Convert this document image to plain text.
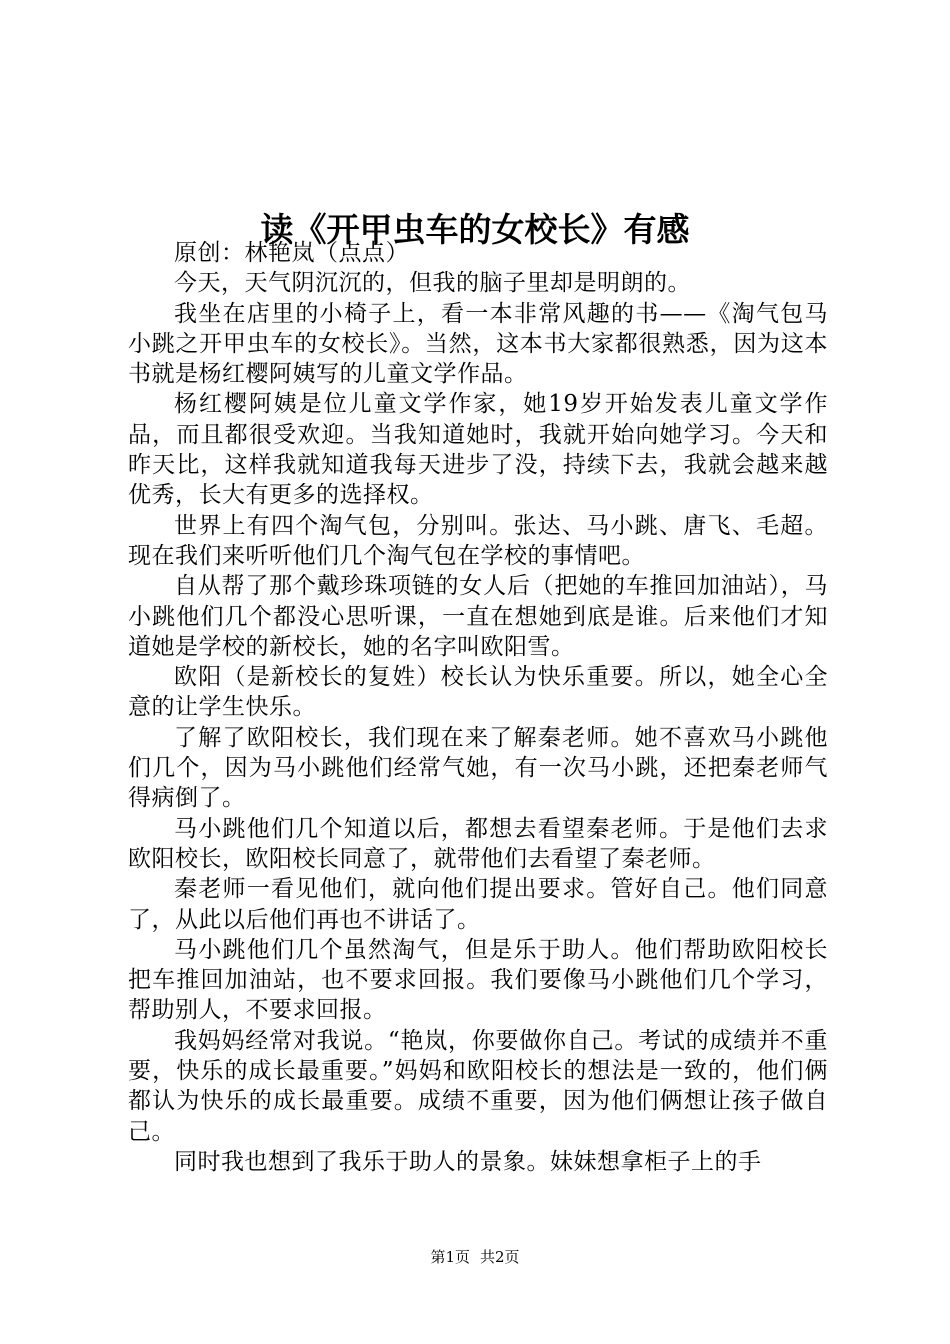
读《开甲虫车的女校长》有感

原创：林艳岚（点点）

今天，天气阴沉沉的，但我的脑子里却是明朗的。

我坐在店里的小椅子上，看一本非常风趣的书——《淘气包马小跳之开甲虫车的女校长》。当然，这本书大家都很熟悉，因为这本书就是杨红樱阿姨写的儿童文学作品。

杨红樱阿姨是位儿童文学作家，她19岁开始发表儿童文学作品，而且都很受欢迎。当我知道她时，我就开始向她学习。今天和昨天比，这样我就知道我每天进步了没，持续下去，我就会越来越优秀，长大有更多的选择权。

世界上有四个淘气包，分别叫。张达、马小跳、唐飞、毛超。现在我们来听听他们几个淘气包在学校的事情吧。

自从帮了那个戴珍珠项链的女人后（把她的车推回加油站），马小跳他们几个都没心思听课，一直在想她到底是谁。后来他们才知道她是学校的新校长，她的名字叫欧阳雪。

欧阳（是新校长的复姓）校长认为快乐重要。所以，她全心全意的让学生快乐。

了解了欧阳校长，我们现在来了解秦老师。她不喜欢马小跳他们几个，因为马小跳他们经常气她，有一次马小跳，还把秦老师气得病倒了。

马小跳他们几个知道以后，都想去看望秦老师。于是他们去求欧阳校长，欧阳校长同意了，就带他们去看望了秦老师。

秦老师一看见他们，就向他们提出要求。管好自己。他们同意了，从此以后他们再也不讲话了。

马小跳他们几个虽然淘气，但是乐于助人。他们帮助欧阳校长把车推回加油站，也不要求回报。我们要像马小跳他们几个学习，帮助别人，不要求回报。

我妈妈经常对我说。“艳岚，你要做你自己。考试的成绩并不重要，快乐的成长最重要。”妈妈和欧阳校长的想法是一致的，他们俩都认为快乐的成长最重要。成绩不重要，因为他们俩想让孩子做自己。

同时我也想到了我乐于助人的景象。妹妹想拿柜子上的手

第1页 共2页
